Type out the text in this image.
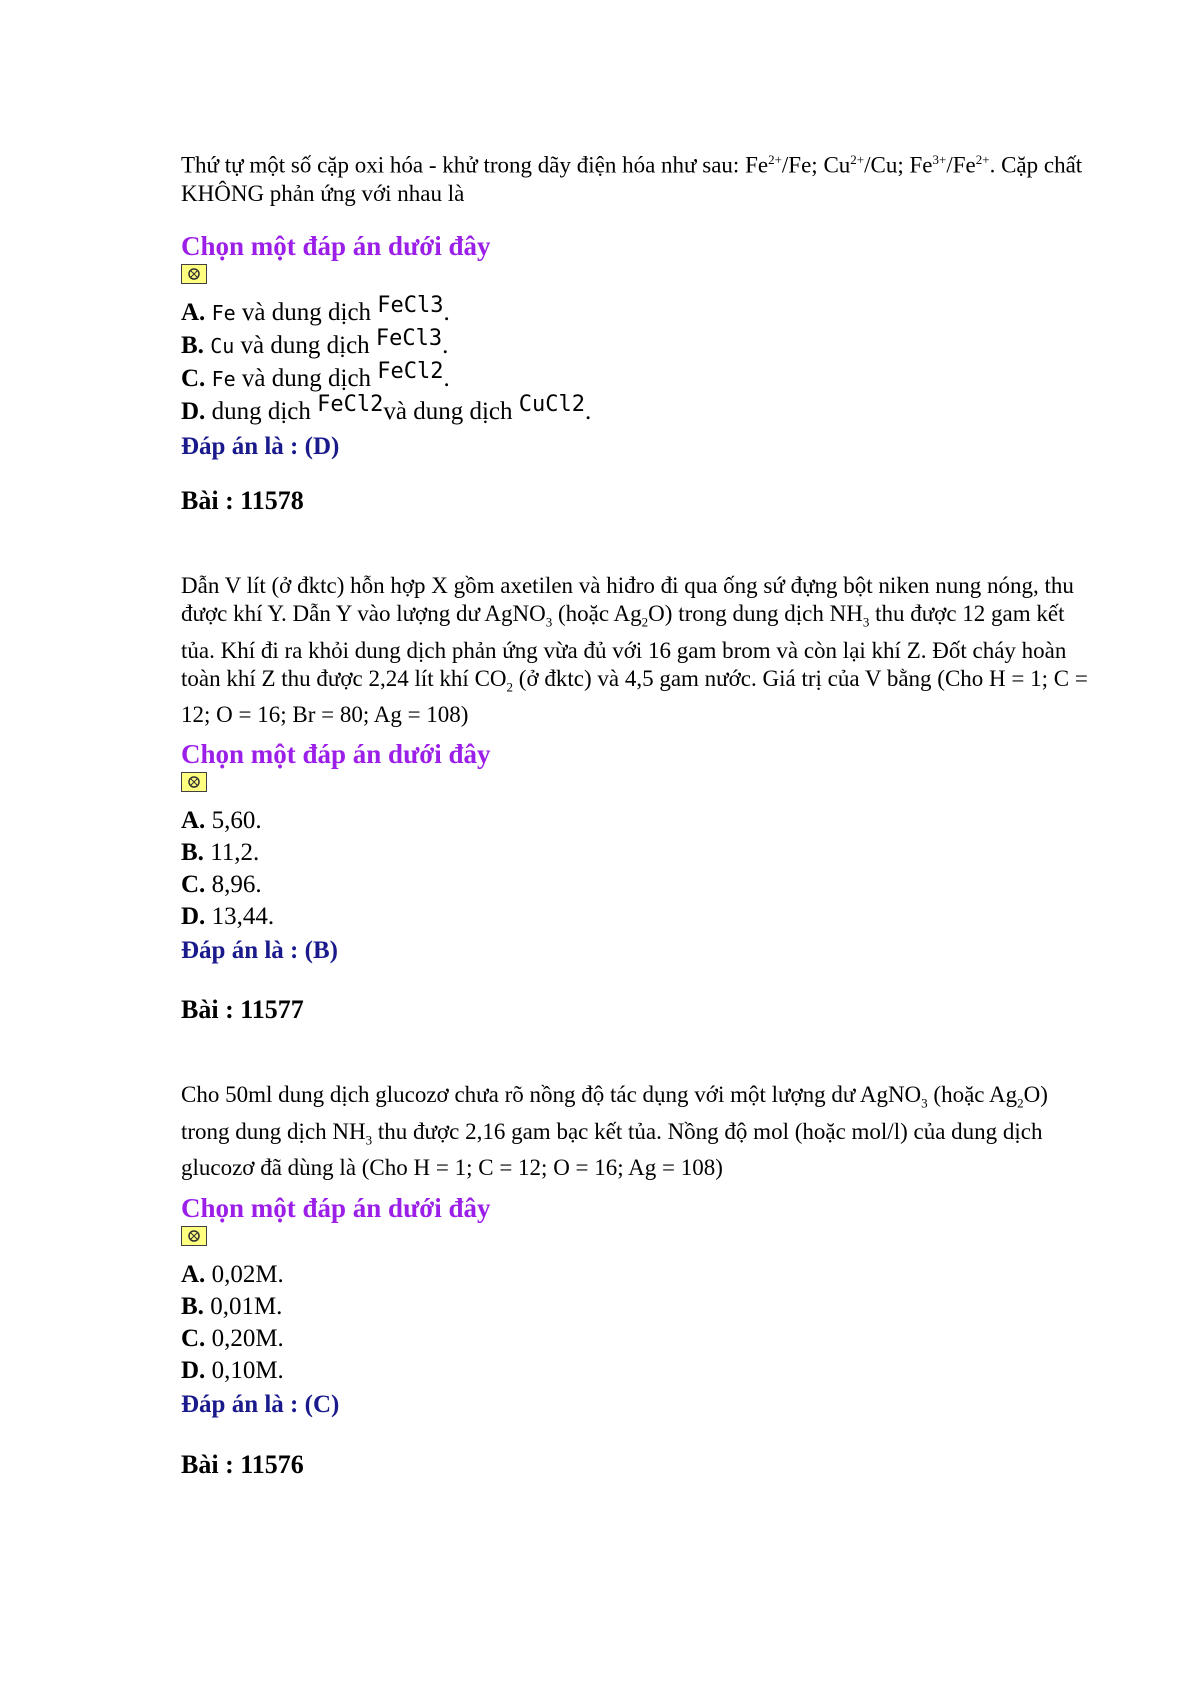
Thứ tự một số cặp oxi hóa - khử trong dãy điện hóa như sau: $Fe^{2+}/Fe$; $Cu^{2+}/Cu$; $Fe^{3+}/Fe^{2+}$. Cặp chất KHÔNG phản ứng với nhau là

Chọn một đáp án dưới đây

A. Fe và dung dịch FeCl3.
B. Cu và dung dịch FeCl3.
C. Fe và dung dịch FeCl2.
D. dung dịch FeCl2và dung dịch CuCl2.

Đáp án là : (D)

Bài : 11578

Dẫn V lít (ở đktc) hỗn hợp X gồm axetilen và hiđro đi qua ống sứ đựng bột niken nung nóng, thu được khí Y. Dẫn Y vào lượng dư AgNO$_3$ (hoặc $Ag_2O$) trong dung dịch $NH_3$ thu được 12 gam kết tủa. Khí đi ra khỏi dung dịch phản ứng vừa đủ với 16 gam brom và còn lại khí Z. Đốt cháy hoàn toàn khí Z thu được 2,24 lít khí $CO_2$ (ở đktc) và 4,5 gam nước. Giá trị của V bằng (Cho H = 1; C = 12; O = 16; Br = 80; Ag = 108)

Chọn một đáp án dưới đây

A. 5,60.
B. 11,2.
C. 8,96.
D. 13,44.

Đáp án là : (B)

Bài : 11577

Cho 50ml dung dịch glucozơ chưa rõ nồng độ tác dụng với một lượng dư AgNO$_3$ (hoặc $Ag_2O$) trong dung dịch $NH_3$ thu được 2,16 gam bạc kết tủa. Nồng độ mol (hoặc mol/l) của dung dịch glucozơ đã dùng là (Cho H = 1; C = 12; O = 16; Ag = 108)

Chọn một đáp án dưới đây

A. 0,02M.
B. 0,01M.
C. 0,20M.
D. 0,10M.

Đáp án là : (C)

Bài : 11576
